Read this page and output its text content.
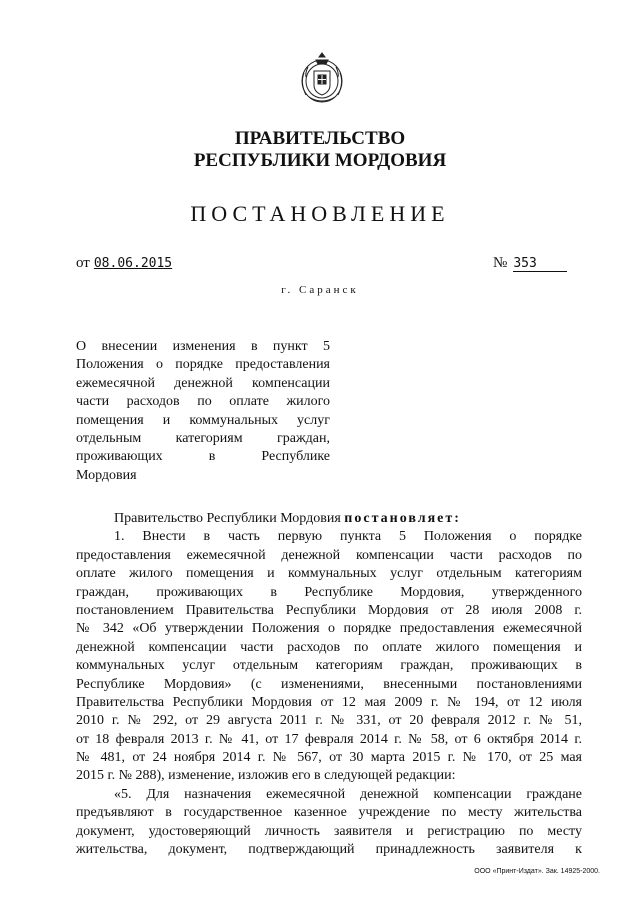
ПРАВИТЕЛЬСТВО
РЕСПУБЛИКИ МОРДОВИЯ
ПОСТАНОВЛЕНИЕ
от 08.06.2015	№ 353
г. Саранск
О внесении изменения в пункт 5
Положения о порядке предоставления
ежемесячной денежной компенсации
части расходов по оплате жилого
помещения и коммунальных услуг
отдельным категориям граждан,
проживающих в Республике
Мордовия
Правительство Республики Мордовия постановляет:
1. Внести в часть первую пункта 5 Положения о порядке
предоставления ежемесячной денежной компенсации части расходов по
оплате жилого помещения и коммунальных услуг отдельным категориям
граждан, проживающих в Республике Мордовия, утвержденного
постановлением Правительства Республики Мордовия от 28 июля 2008 г.
№ 342 «Об утверждении Положения о порядке предоставления ежемесячной
денежной компенсации части расходов по оплате жилого помещения и
коммунальных услуг отдельным категориям граждан, проживающих в
Республике Мордовия» (с изменениями, внесенными постановлениями
Правительства Республики Мордовия от 12 мая 2009 г. № 194, от 12 июля
2010 г. № 292, от 29 августа 2011 г. № 331, от 20 февраля 2012 г. № 51,
от 18 февраля 2013 г. № 41, от 17 февраля 2014 г. № 58, от 6 октября 2014 г.
№ 481, от 24 ноября 2014 г. № 567, от 30 марта 2015 г. № 170, от 25 мая
2015 г. № 288), изменение, изложив его в следующей редакции:
«5. Для назначения ежемесячной денежной компенсации граждане
предъявляют в государственное казенное учреждение по месту жительства
документ, удостоверяющий личность заявителя и регистрацию по месту
жительства, документ, подтверждающий принадлежность заявителя к
ООО «Принт-Издат». Зак. 14925-2000.
